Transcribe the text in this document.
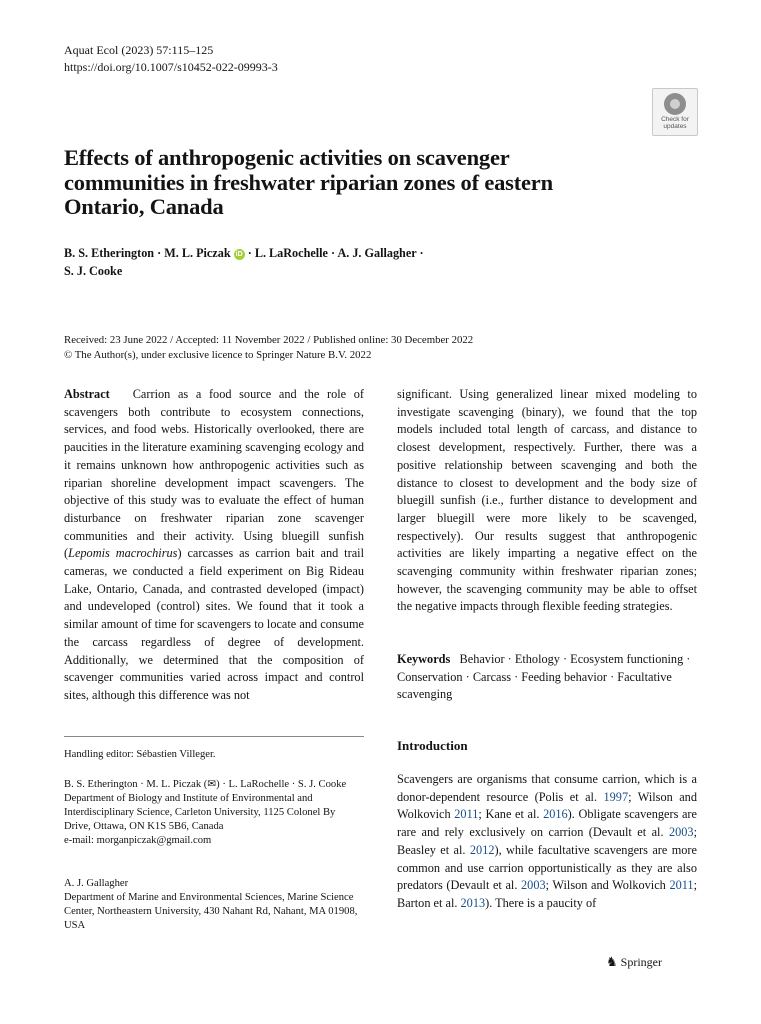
Aquat Ecol (2023) 57:115–125
https://doi.org/10.1007/s10452-022-09993-3
Check for
updates
Effects of anthropogenic activities on scavenger communities in freshwater riparian zones of eastern Ontario, Canada
B. S. Etherington · M. L. Piczak iD · L. LaRochelle · A. J. Gallagher ·
S. J. Cooke
Received: 23 June 2022 / Accepted: 11 November 2022 / Published online: 30 December 2022
© The Author(s), under exclusive licence to Springer Nature B.V. 2022
Abstract Carrion as a food source and the role of scavengers both contribute to ecosystem connections, services, and food webs. Historically overlooked, there are paucities in the literature examining scavenging ecology and it remains unknown how anthropogenic activities such as riparian shoreline development impact scavengers. The objective of this study was to evaluate the effect of human disturbance on freshwater riparian zone scavenger communities and their activity. Using bluegill sunfish (Lepomis macrochirus) carcasses as carrion bait and trail cameras, we conducted a field experiment on Big Rideau Lake, Ontario, Canada, and contrasted developed (impact) and undeveloped (control) sites. We found that it took a similar amount of time for scavengers to locate and consume the carcass regardless of degree of development. Additionally, we determined that the composition of scavenger communities varied across impact and control sites, although this difference was not
significant. Using generalized linear mixed modeling to investigate scavenging (binary), we found that the top models included total length of carcass, and distance to closest development, respectively. Further, there was a positive relationship between scavenging and both the distance to closest to development and the body size of bluegill sunfish (i.e., further distance to development and larger bluegill were more likely to be scavenged, respectively). Our results suggest that anthropogenic activities are likely imparting a negative effect on the scavenging community within freshwater riparian zones; however, the scavenging community may be able to offset the negative impacts through flexible feeding strategies.
Keywords Behavior · Ethology · Ecosystem functioning · Conservation · Carcass · Feeding behavior · Facultative scavenging
Handling editor: Sébastien Villeger.
B. S. Etherington · M. L. Piczak (✉) · L. LaRochelle · S. J. Cooke
Department of Biology and Institute of Environmental and Interdisciplinary Science, Carleton University, 1125 Colonel By Drive, Ottawa, ON K1S 5B6, Canada
e-mail: morganpiczak@gmail.com
A. J. Gallagher
Department of Marine and Environmental Sciences, Marine Science Center, Northeastern University, 430 Nahant Rd, Nahant, MA 01908, USA
Introduction
Scavengers are organisms that consume carrion, which is a donor-dependent resource (Polis et al. 1997; Wilson and Wolkovich 2011; Kane et al. 2016). Obligate scavengers are rare and rely exclusively on carrion (Devault et al. 2003; Beasley et al. 2012), while facultative scavengers are more common and use carrion opportunistically as they are also predators (Devault et al. 2003; Wilson and Wolkovich 2011; Barton et al. 2013). There is a paucity of
♞ Springer
